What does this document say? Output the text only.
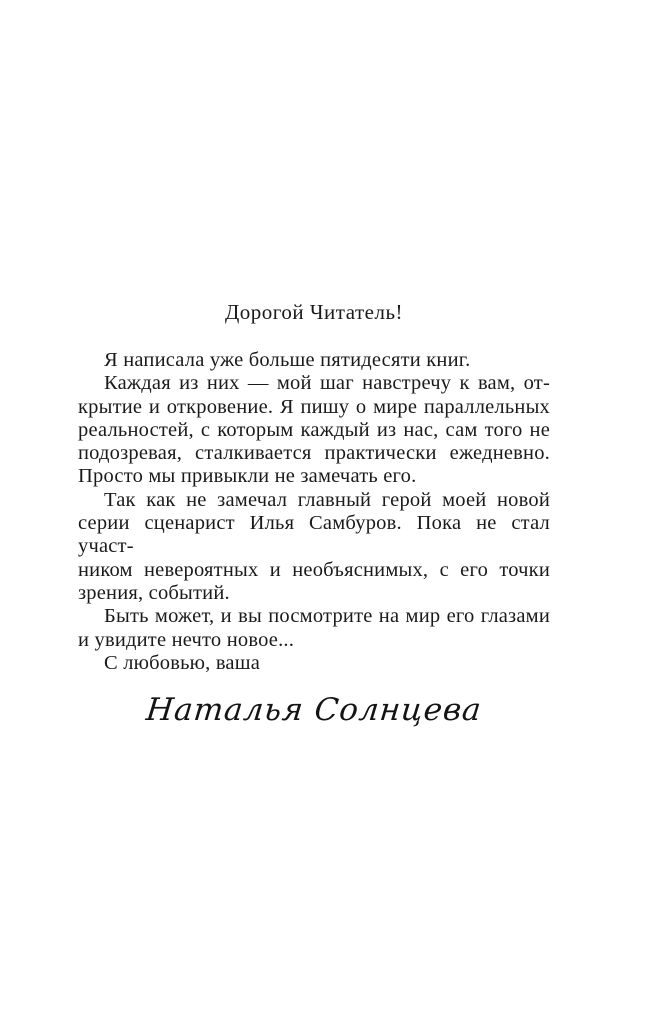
Дорогой Читатель!
Я написала уже больше пятидесяти книг.
Каждая из них — мой шаг навстречу к вам, от-
крытие и откровение. Я пишу о мире параллельных
реальностей, с которым каждый из нас, сам того не
подозревая, сталкивается практически ежедневно.
Просто мы привыкли не замечать его.
Так как не замечал главный герой моей новой
серии сценарист Илья Самбуров. Пока не стал участ-
ником невероятных и необъяснимых, с его точки
зрения, событий.
Быть может, и вы посмотрите на мир его глазами
и увидите нечто новое...
С любовью, ваша
Наталья Солнцева
